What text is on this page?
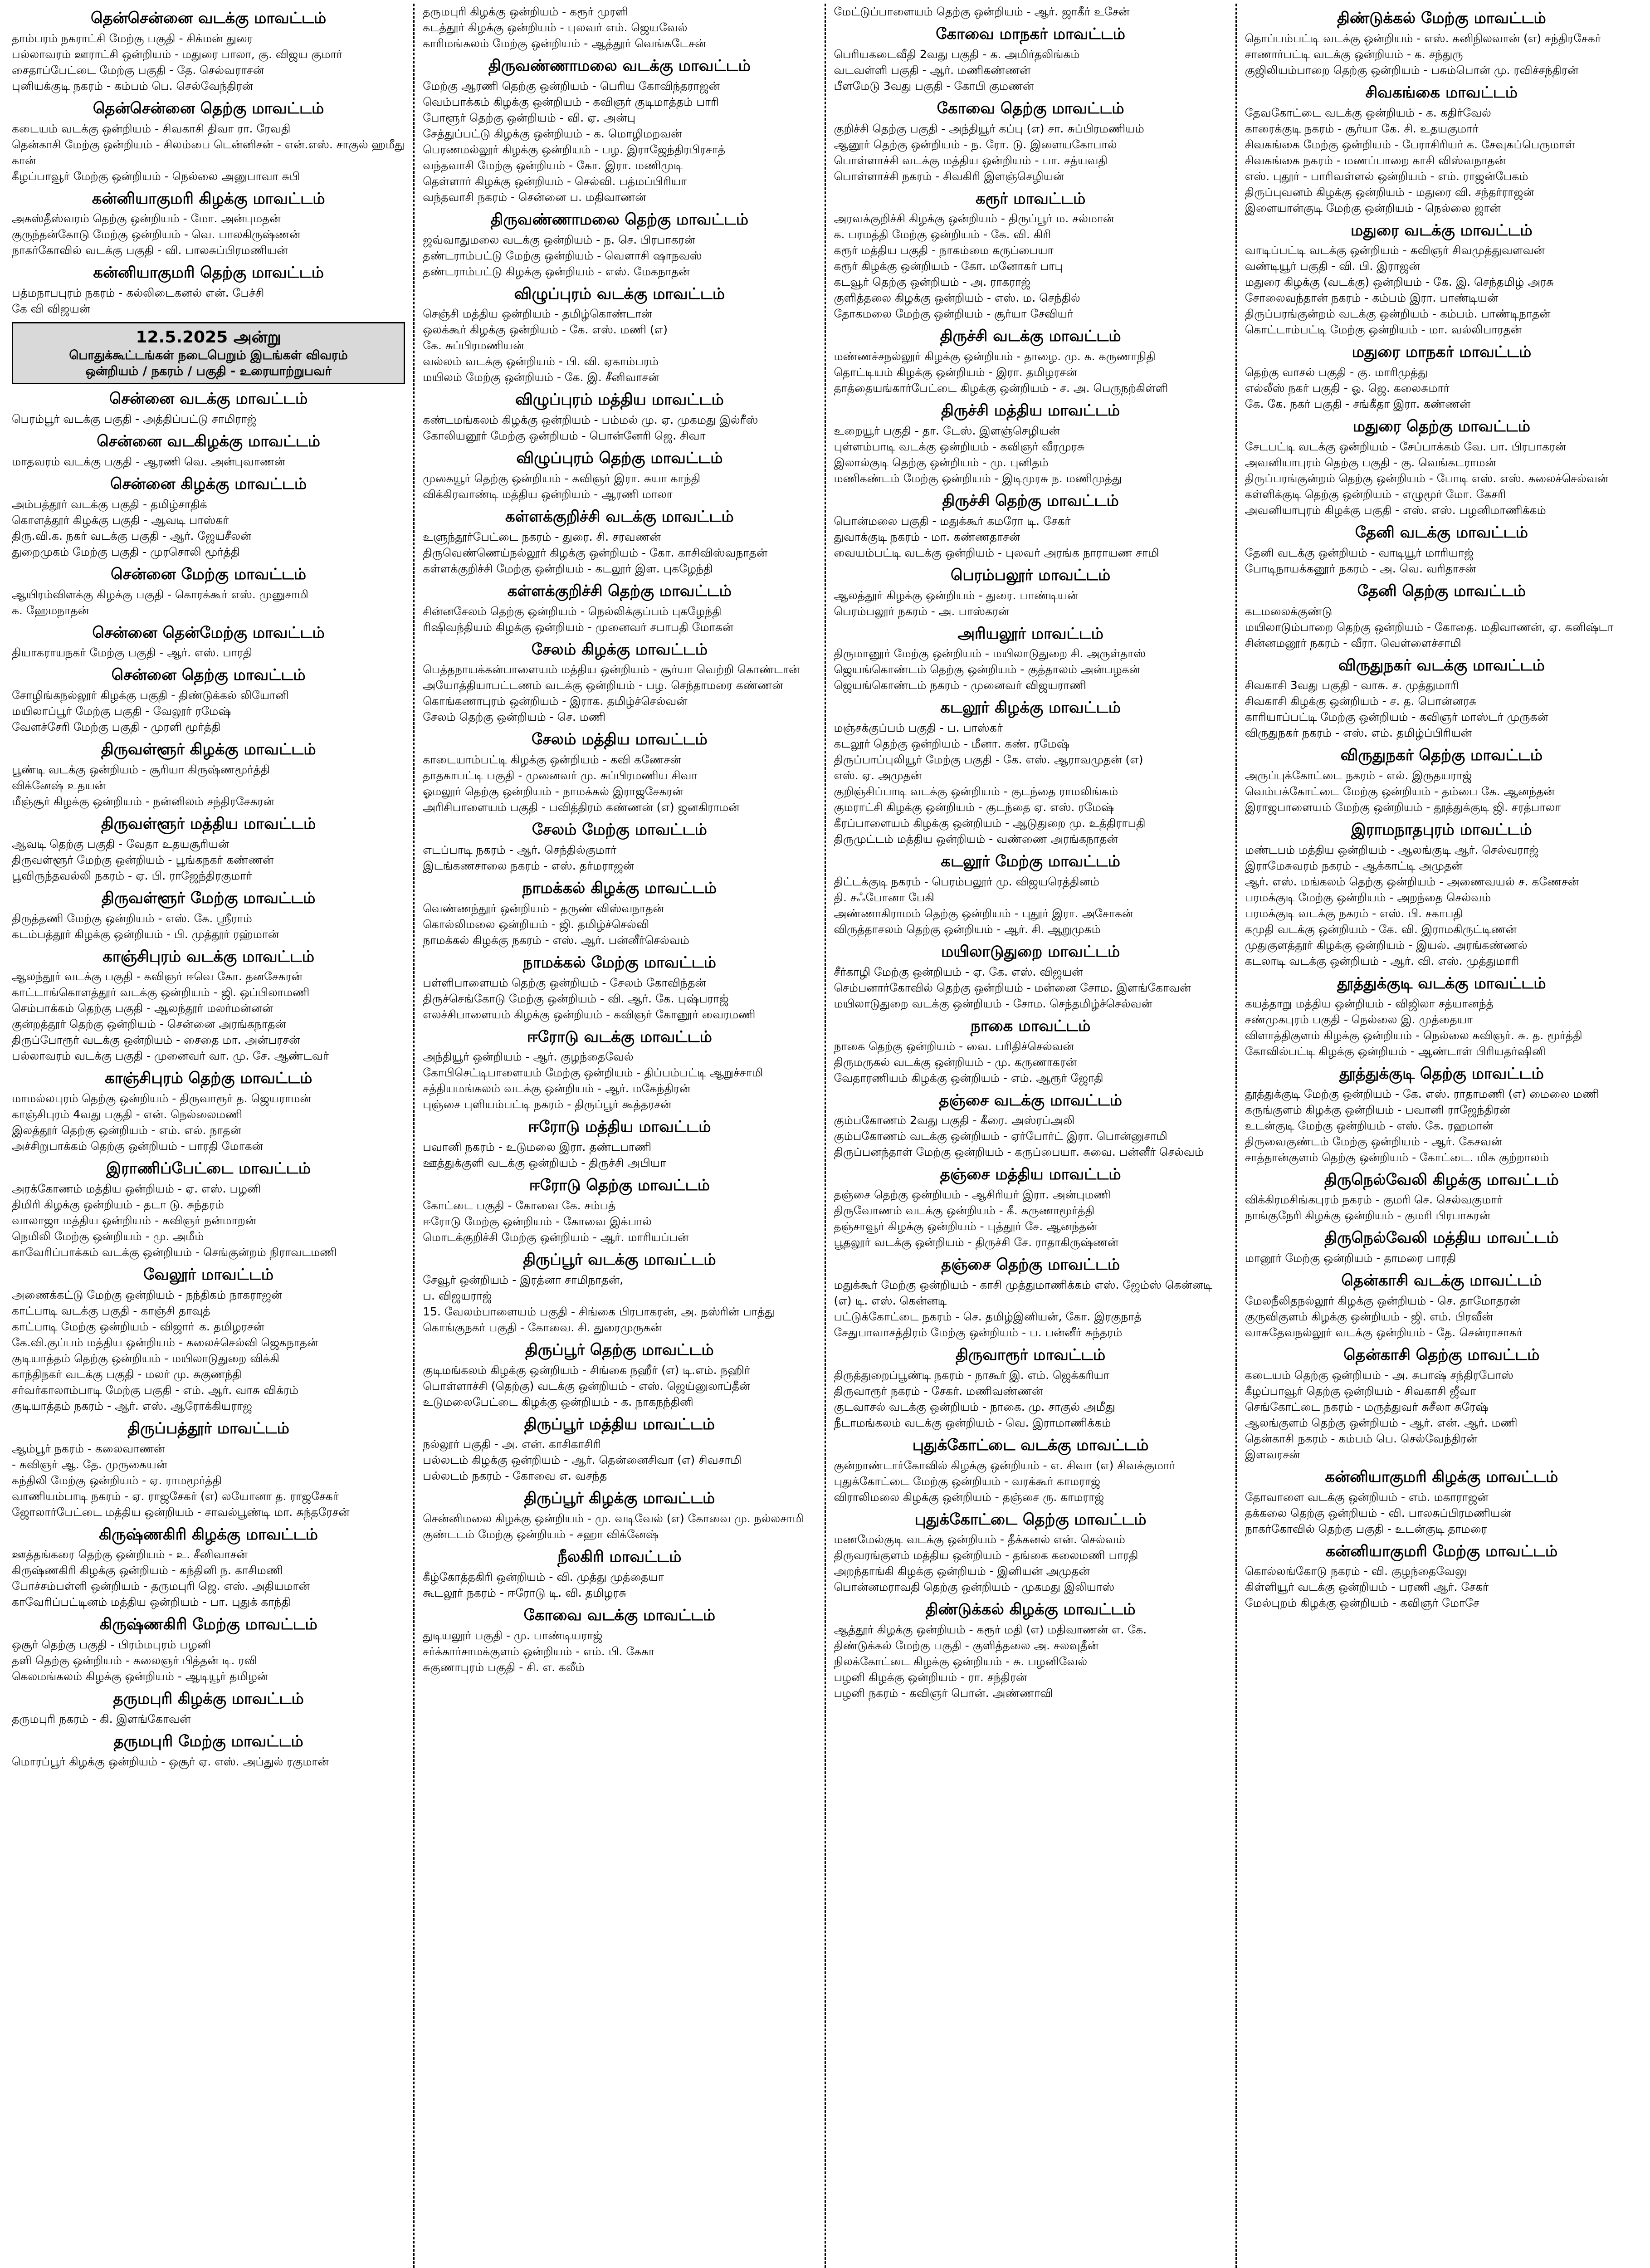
தென்சென்னை வடக்கு மாவட்டம்
தாம்பரம் நகராட்சி மேற்கு பகுதி - சிக்மன் துரை
பல்லாவரம் ஊராட்சி ஒன்றியம் - மதுரை பாலா, கு. விஜய குமார்
சைதாப்பேட்டை மேற்கு பகுதி - தே. செல்வராசன்
புனியக்குடி நகரம் - கம்பம் பெ. செல்வேந்திரன்
தென்சென்னை தெற்கு மாவட்டம்
கடையம் வடக்கு ஒன்றியம் - சிவகாசி திவா ரா. ரேவதி
தென்காசி மேற்கு ஒன்றியம் - சிலம்பை டென்னிசன் - என்.எஸ். சாகுல் ஹமீது கான்
கீழப்பாவூர் மேற்கு ஒன்றியம் - நெல்லை அனுபாவா சுபி
கன்னியாகுமரி கிழக்கு மாவட்டம்
அகஸ்தீஸ்வரம் தெற்கு ஒன்றியம் - மோ. அன்புமதன்
குருந்தன்கோடு மேற்கு ஒன்றியம் - வெ. பாலகிருஷ்ணன்
நாகர்கோவில் வடக்கு பகுதி - வி. பாலசுப்பிரமணியன்
கன்னியாகுமரி தெற்கு மாவட்டம்
பத்மநாபபுரம் நகரம் - கல்லிடைகனல் என். பேச்சி
கே வி விஜயன்
12.5.2025 அன்று
பொதுக்கூட்டங்கள் நடைபெறும் இடங்கள் விவரம்
ஒன்றியம் / நகரம் / பகுதி - உரையாற்றுபவர்
சென்னை வடக்கு மாவட்டம்
பெரம்பூர் வடக்கு பகுதி - அத்திப்பட்டு சாமிராஜ்
சென்னை வடகிழக்கு மாவட்டம்
மாதவரம் வடக்கு பகுதி - ஆரணி வெ. அன்புவாணன்
சென்னை கிழக்கு மாவட்டம்
அம்பத்தூர் வடக்கு பகுதி - தமிழ்சாதிக்
கொளத்தூர் கிழக்கு பகுதி - ஆவடி பாஸ்கர்
திரு.வி.க. நகர் வடக்கு பகுதி - ஆர். ஜேயசீலன்
துறைமுகம் மேற்கு பகுதி - முரசொலி மூர்த்தி
சென்னை மேற்கு மாவட்டம்
ஆயிரம்விளக்கு கிழக்கு பகுதி - கொரக்கூர் எஸ். முனுசாமி
க. ஹேமநாதன்
சென்னை தென்மேற்கு மாவட்டம்
தியாகராயநகர் மேற்கு பகுதி - ஆர். எஸ். பாரதி
சென்னை தெற்கு மாவட்டம்
சோழிங்கநல்லூர் கிழக்கு பகுதி - திண்டுக்கல் லியோனி
மயிலாப்பூர் மேற்கு பகுதி - வேலூர் ரமேஷ்
வேளச்சேரி மேற்கு பகுதி - முரளி மூர்த்தி
திருவள்ளூர் கிழக்கு மாவட்டம்
பூண்டி வடக்கு ஒன்றியம் - சூரியா கிருஷ்ணமூர்த்தி
விக்னேஷ் உதயன்
மீஞ்சூர் கிழக்கு ஒன்றியம் - நன்னிலம் சந்திரசேகரன்
திருவள்ளூர் மத்திய மாவட்டம்
ஆவடி தெற்கு பகுதி - வேதா உதயசூரியன்
திருவள்ளூர் மேற்கு ஒன்றியம் - பூங்கநகர் கண்ணன்
பூவிருந்தவல்லி நகரம் - ஏ. பி. ராஜேந்திரகுமார்
திருவள்ளூர் மேற்கு மாவட்டம்
திருத்தணி மேற்கு ஒன்றியம் - எஸ். கே. ஸ்ரீராம்
கடம்பத்தூர் கிழக்கு ஒன்றியம் - பி. முத்தூர் ரஹ்மான்
காஞ்சிபுரம் வடக்கு மாவட்டம்
ஆலந்தூர் வடக்கு பகுதி - கவிஞர் ஈவெ கோ. தனசேகரன்
காட்டாங்கொளத்தூர் வடக்கு ஒன்றியம் - ஜி. ஒப்பிலாமணி
செம்பாக்கம் தெற்கு பகுதி - ஆலந்தூர் மலர்மன்னன்
குன்றத்தூர் தெற்கு ஒன்றியம் - சென்னை அரங்கநாதன்
திருப்போரூர் வடக்கு ஒன்றியம் - சைதை மா. அன்பரசன்
பல்லாவரம் வடக்கு பகுதி - முனைவர் வா. மு. சே. ஆண்டவர்
காஞ்சிபுரம் தெற்கு மாவட்டம்
மாமல்லபுரம் தெற்கு ஒன்றியம் - திருவாரூர் த. ஜெயராமன்
காஞ்சிபுரம் 4வது பகுதி - என். நெல்லைமணி
இலத்தூர் தெற்கு ஒன்றியம் - எம். எல். நாதன்
அச்சிறுபாக்கம் தெற்கு ஒன்றியம் - பாரதி மோகன்
இராணிப்பேட்டை மாவட்டம்
அரக்கோணம் மத்திய ஒன்றியம் - ஏ. எஸ். பழனி
திமிரி கிழக்கு ஒன்றியம் - தடா டு. சுந்தரம்
வாலாஜா மத்திய ஒன்றியம் - கவிஞர் நன்மாறன்
நெமிலி மேற்கு ஒன்றியம் - மு. அமீம்
காவேரிப்பாக்கம் வடக்கு ஒன்றியம் - செங்குன்றம் நிராவடமணி
வேலூர் மாவட்டம்
அணைக்கட்டு மேற்கு ஒன்றியம் - நந்திகம் நாகராஜன்
காட்பாடி வடக்கு பகுதி - காஞ்சி தாவுத்
காட்பாடி மேற்கு ஒன்றியம் - விஜாா் க. தமிழரசன்
கே.வி.குப்பம் மத்திய ஒன்றியம் - கலைச்செல்வி ஜெகநாதன்
குடியாத்தம் தெற்கு ஒன்றியம் - மயிலாடுதுறை விக்கி
காந்திநகர் வடக்கு பகுதி - மலர் மு. சுகுணந்தி
சர்வர்காலாம்பாடி மேற்கு பகுதி - எம். ஆர். வாசு விக்ரம்
குடியாத்தம் நகரம் - ஆர். எஸ். ஆரோக்கியராஜ
திருப்பத்தூர் மாவட்டம்
ஆம்பூர் நகரம் - கலைவாணன்
- கவிஞர் ஆ. தே. முருகையன்
கந்திலி மேற்கு ஒன்றியம் - ஏ. ராமமூர்த்தி
வாணியம்பாடி நகரம் - ஏ. ராஜசேகர் (எ) லயோனா த. ராஜசேகர்
ஜோலார்பேட்டை மத்திய ஒன்றியம் - சாவல்பூண்டி மா. சுந்தரேசன்
கிருஷ்ணகிரி கிழக்கு மாவட்டம்
ஊத்தங்கரை தெற்கு ஒன்றியம் - உ. சீனிவாசன்
கிருஷ்ணகிரி கிழக்கு ஒன்றியம் - கந்தினி ந. காசிமணி
போச்சம்பள்ளி ஒன்றியம் - தருமபுரி ஜெ. எஸ். அதியமான்
காவேரிப்பட்டினம் மத்திய ஒன்றியம் - பா. புதுக் காந்தி
கிருஷ்ணகிரி மேற்கு மாவட்டம்
ஒசூர் தெற்கு பகுதி - பிரம்மபுரம் பழனி
தளி தெற்கு ஒன்றியம் - கலைஞர் பித்தன் டி. ரவி
கெலமங்கலம் கிழக்கு ஒன்றியம் - ஆடியூர் தமிழன்
தருமபுரி கிழக்கு மாவட்டம்
தருமபுரி நகரம் - கி. இளங்கோவன்
தருமபுரி மேற்கு மாவட்டம்
மொரப்பூர் கிழக்கு ஒன்றியம் - ஒசூர் ஏ. எஸ். அப்துல் ரகுமான்
தருமபுரி கிழக்கு ஒன்றியம் - கரூர் முரளி
கடத்தூர் கிழக்கு ஒன்றியம் - புலவர் எம். ஜெயவேல்
காரிமங்கலம் மேற்கு ஒன்றியம் - ஆத்தூர் வெங்கடேசன்
திருவண்ணாமலை வடக்கு மாவட்டம்
மேற்கு ஆரணி தெற்கு ஒன்றியம் - பெரிய கோவிந்தராஜன்
வெம்பாக்கம் கிழக்கு ஒன்றியம் - கவிஞர் குடிமாத்தம் பாரி
போளூர் தெற்கு ஒன்றியம் - வி. ஏ. அன்பு
சேத்துப்பட்டு கிழக்கு ஒன்றியம் - க. மொழிமறவன்
பெரணமல்லூர் கிழக்கு ஒன்றியம் - பழ. இராஜேந்திரபிரசாத்
வந்தவாசி மேற்கு ஒன்றியம் - கோ. இரா. மணிமுடி
தெள்ளார் கிழக்கு ஒன்றியம் - செல்வி. பத்மப்பிரியா
வந்தவாசி நகரம் - சென்னை ப. மதிவாணன்
திருவண்ணாமலை தெற்கு மாவட்டம்
ஜவ்வாதுமலை வடக்கு ஒன்றியம் - ந. செ. பிரபாகரன்
தண்டராம்பட்டு மேற்கு ஒன்றியம் - வெளாசி ஷாநவஸ்
தண்டராம்பட்டு கிழக்கு ஒன்றியம் - எஸ். மேகநாதன்
விழுப்புரம் வடக்கு மாவட்டம்
செஞ்சி மத்திய ஒன்றியம் - தமிழ்கொண்டான்
ஒலக்கூர் கிழக்கு ஒன்றியம் - கே. எஸ். மணி (எ)
கே. சுப்பிரமணியன்
வல்லம் வடக்கு ஒன்றியம் - பி. வி. ஏகாம்பரம்
மயிலம் மேற்கு ஒன்றியம் - கே. இ. சீனிவாசன்
விழுப்புரம் மத்திய மாவட்டம்
கண்டமங்கலம் கிழக்கு ஒன்றியம் - பம்மல் மு. ஏ. முகமது இல்ரீஸ்
கோலியனூர் மேற்கு ஒன்றியம் - பொன்னேரி ஜெ. சிவா
விழுப்புரம் தெற்கு மாவட்டம்
முகையூர் தெற்கு ஒன்றியம் - கவிஞர் இரா. சுயா காந்தி
விக்கிரவாண்டி மத்திய ஒன்றியம் - ஆரணி மாலா
கள்ளக்குறிச்சி வடக்கு மாவட்டம்
உளுந்தூர்பேட்டை நகரம் - துரை. சி. சரவணன்
திருவெண்ணெய்நல்லூர் கிழக்கு ஒன்றியம் - கோ. காசிவிஸ்வநாதன்
கள்ளக்குறிச்சி மேற்கு ஒன்றியம் - கடலூர் இள. புகழேந்தி
கள்ளக்குறிச்சி தெற்கு மாவட்டம்
சின்னசேலம் தெற்கு ஒன்றியம் - நெல்லிக்குப்பம் புகழேந்தி
ரிஷிவந்தியம் கிழக்கு ஒன்றியம் - முனைவர் சபாபதி மோகன்
சேலம் கிழக்கு மாவட்டம்
பெத்தநாயக்கன்பாளையம் மத்திய ஒன்றியம் - சூர்யா வெற்றி கொண்டான்
அயோத்தியாபட்டணம் வடக்கு ஒன்றியம் - பழ. செந்தாமரை கண்ணன்
கொங்கணாபுரம் ஒன்றியம் - இராக. தமிழ்ச்செல்வன்
சேலம் தெற்கு ஒன்றியம் - செ. மணி
சேலம் மத்திய மாவட்டம்
காடையாம்பட்டி கிழக்கு ஒன்றியம் - கவி கணேசன்
தாதகாபட்டி பகுதி - முனைவர் மு. சுப்பிரமணிய சிவா
ஓமலூர் தெற்கு ஒன்றியம் - நாமக்கல் இராஜசேகரன்
அரிசிபாளையம் பகுதி - பவித்திரம் கண்ணன் (எ) ஜனகிராமன்
சேலம் மேற்கு மாவட்டம்
எடப்பாடி நகரம் - ஆர். செந்தில்குமார்
இடங்கணசாலை நகரம் - எஸ். தர்மராஜன்
நாமக்கல் கிழக்கு மாவட்டம்
வெண்ணந்தூர் ஒன்றியம் - தருண் விஸ்வநாதன்
கொல்லிமலை ஒன்றியம் - ஜி. தமிழ்ச்செல்வி
நாமக்கல் கிழக்கு நகரம் - எஸ். ஆர். பன்னீர்செல்வம்
நாமக்கல் மேற்கு மாவட்டம்
பள்ளிபாளையம் தெற்கு ஒன்றியம் - சேலம் கோவிந்தன்
திருச்செங்கோடு மேற்கு ஒன்றியம் - வி. ஆர். கே. புஷ்பராஜ்
எலச்சிபாளையம் கிழக்கு ஒன்றியம் - கவிஞர் கோனூர் வைரமணி
ஈரோடு வடக்கு மாவட்டம்
அந்தியூர் ஒன்றியம் - ஆர். குழந்தைவேல்
கோபிசெட்டிபாளையம் மேற்கு ஒன்றியம் - திப்பம்பட்டி ஆறுச்சாமி
சத்தியமங்கலம் வடக்கு ஒன்றியம் - ஆர். மகேந்திரன்
புஞ்சை புளியம்பட்டி நகரம் - திருப்பூர் கூத்தரசன்
ஈரோடு மத்திய மாவட்டம்
பவானி நகரம் - உடுமலை இரா. தண்டபாணி
ஊத்துக்குளி வடக்கு ஒன்றியம் - திருச்சி அபியா
ஈரோடு தெற்கு மாவட்டம்
கோட்டை பகுதி - கோவை கே. சம்பத்
ஈரோடு மேற்கு ஒன்றியம் - கோவை இக்பால்
மொடக்குறிச்சி மேற்கு ஒன்றியம் - ஆர். மாரியப்பன்
திருப்பூர் வடக்கு மாவட்டம்
சேவூர் ஒன்றியம் - இரத்னா சாமிநாதன்,
ப. விஜயராஜ்
15. வேலம்பாளையம் பகுதி - சிங்கை பிரபாகரன், அ. நஸ்ரின் பாத்து
கொங்குநகர் பகுதி - கோவை. சி. துரைமுருகன்
திருப்பூர் தெற்கு மாவட்டம்
குடிமங்கலம் கிழக்கு ஒன்றியம் - சிங்கை நஹீர் (எ) டி.எம். நஹிர்
பொள்ளாச்சி (தெற்கு) வடக்கு ஒன்றியம் - எஸ். ஜெய்னுலாப்தீன்
உடுமலைபேட்டை கிழக்கு ஒன்றியம் - க. நாகநந்தினி
திருப்பூர் மத்திய மாவட்டம்
நல்லூர் பகுதி - அ. என். காசிகாசிரி
பல்லடம் கிழக்கு ஒன்றியம் - ஆர். தென்னைசிவா (எ) சிவசாமி
பல்லடம் நகரம் - கோவை எ. வசந்த
திருப்பூர் கிழக்கு மாவட்டம்
சென்னிமலை கிழக்கு ஒன்றியம் - மு. வடிவேல் (எ) கோவை மு. நல்லசாமி
குண்டடம் மேற்கு ஒன்றியம் - சஹா விக்னேஷ்
நீலகிரி மாவட்டம்
கீழ்கோத்தகிரி ஒன்றியம் - வி. முத்து முத்தையா
கூடலூர் நகரம் - ஈரோடு டி. வி. தமிழரசு
கோவை வடக்கு மாவட்டம்
துடியலூர் பகுதி - மு. பாண்டியராஜ்
சர்க்கார்சாமக்குளம் ஒன்றியம் - எம். பி. கேகா
சுகுணாபுரம் பகுதி - சி. எ. கலீம்
மேட்டுப்பாளையம் தெற்கு ஒன்றியம் - ஆர். ஜாகீர் உசேன்
கோவை மாநகர் மாவட்டம்
பெரியகடைவீதி 2வது பகுதி - க. அமிர்தலிங்கம்
வடவள்ளி பகுதி - ஆர். மணிகண்ணன்
பீளமேடு 3வது பகுதி - கோபி குமணன்
கோவை தெற்கு மாவட்டம்
குறிச்சி தெற்கு பகுதி - அந்தியூர் கப்பு (எ) சா. சுப்பிரமணியம்
ஆனூர் தெற்கு ஒன்றியம் - ந. ரோ. டு. இளையகோபால்
பொள்ளாச்சி வடக்கு மத்திய ஒன்றியம் - பா. சத்யவதி
பொள்ளாச்சி நகரம் - சிவகிரி இளஞ்செழியன்
கரூர் மாவட்டம்
அரவக்குறிச்சி கிழக்கு ஒன்றியம் - திருப்பூர் ம. சல்மான்
க. பரமத்தி மேற்கு ஒன்றியம் - கே. வி. கிரி
கரூர் மத்திய பகுதி - நாகம்மை கருப்பையா
கரூர் கிழக்கு ஒன்றியம் - கோ. மனோகர் பாபு
கடவூர் தெற்கு ஒன்றியம் - அ. ராகராஜ்
குளித்தலை கிழக்கு ஒன்றியம் - எஸ். ம. செந்தில்
தோகமலை மேற்கு ஒன்றியம் - சூர்யா சேவியர்
திருச்சி வடக்கு மாவட்டம்
மண்ணச்சநல்லூர் கிழக்கு ஒன்றியம் - தாழை. மு. க. கருணாநிதி
தொட்டியம் கிழக்கு ஒன்றியம் - இரா. தமிழரசன்
தாத்தையங்கார்பேட்டை கிழக்கு ஒன்றியம் - ச. அ. பெருநற்கிள்ளி
திருச்சி மத்திய மாவட்டம்
உறையூர் பகுதி - தா. டேஸ். இளஞ்செழியன்
புள்ளம்பாடி வடக்கு ஒன்றியம் - கவிஞர் வீரமுரசு
இலால்குடி தெற்கு ஒன்றியம் - மு. புனிதம்
மணிகண்டம் மேற்கு ஒன்றியம் - இடிமுரசு ந. மணிமுத்து
திருச்சி தெற்கு மாவட்டம்
பொன்மலை பகுதி - மதுக்கூர் கமரோ டி. சேகர்
துவாக்குடி நகரம் - மா. கண்ணதாசன்
வையம்பட்டி வடக்கு ஒன்றியம் - புலவர் அரங்க நாராயண சாமி
பெரம்பலூர் மாவட்டம்
ஆலத்தூர் கிழக்கு ஒன்றியம் - துரை. பாண்டியன்
பெரம்பலூர் நகரம் - அ. பாஸ்கரன்
அரியலூர் மாவட்டம்
திருமானூர் மேற்கு ஒன்றியம் - மயிலாடுதுறை சி. அருள்தாஸ்
ஜெயங்கொண்டம் தெற்கு ஒன்றியம் - குத்தாலம் அன்பழகன்
ஜெயங்கொண்டம் நகரம் - முனைவர் விஜயராணி
கடலூர் கிழக்கு மாவட்டம்
மஞ்சக்குப்பம் பகுதி - ப. பாஸ்கர்
கடலூர் தெற்கு ஒன்றியம் - மீனா. கண். ரமேஷ்
திருப்பாப்புலியூர் மேற்கு பகுதி - கே. எஸ். ஆராவமுதன் (எ)
எஸ். ஏ. அமுதன்
குறிஞ்சிப்பாடி வடக்கு ஒன்றியம் - குடந்தை ராமலிங்கம்
குமராட்சி கிழக்கு ஒன்றியம் - குடந்தை ஏ. எஸ். ரமேஷ்
கீரப்பாளையம் கிழக்கு ஒன்றியம் - ஆடுதுறை மு. உத்திராபதி
திருமுட்டம் மத்திய ஒன்றியம் - வண்ணை அரங்கநாதன்
கடலூர் மேற்கு மாவட்டம்
திட்டக்குடி நகரம் - பெரம்பலூர் மு. விஜயரெத்தினம்
தி. சஃபோனா பேகி
அண்ணாகிராமம் தெற்கு ஒன்றியம் - புதூர் இரா. அசோகன்
விருத்தாசலம் தெற்கு ஒன்றியம் - ஆர். சி. ஆறுமுகம்
மயிலாடுதுறை மாவட்டம்
சீர்காழி மேற்கு ஒன்றியம் - ஏ. கே. எஸ். விஜயன்
செம்பனார்கோவில் தெற்கு ஒன்றியம் - மன்னை சோம. இளங்கோவன்
மயிலாடுதுறை வடக்கு ஒன்றியம் - சோம. செந்தமிழ்ச்செல்வன்
நாகை மாவட்டம்
நாகை தெற்கு ஒன்றியம் - வை. பரிதிச்செல்வன்
திருமருகல் வடக்கு ஒன்றியம் - மு. கருணாகரன்
வேதாரணியம் கிழக்கு ஒன்றியம் - எம். ஆரூர் ஜோதி
தஞ்சை வடக்கு மாவட்டம்
கும்பகோணம் 2வது பகுதி - கீரை. அஸ்ரப்அலி
கும்பகோணம் வடக்கு ஒன்றியம் - ஏர்போர்ட் இரா. பொன்னுசாமி
திருப்பனந்தாள் மேற்கு ஒன்றியம் - கருப்பையா. சுவை. பன்னீர் செல்வம்
தஞ்சை மத்திய மாவட்டம்
தஞ்சை தெற்கு ஒன்றியம் - ஆசிரியர் இரா. அன்புமணி
திருவோணம் வடக்கு ஒன்றியம் - கீ. கருணாமூர்த்தி
தஞ்சாவூர் கிழக்கு ஒன்றியம் - புத்தூர் சே. ஆனந்தன்
பூதலூர் வடக்கு ஒன்றியம் - திருச்சி சே. ராதாகிருஷ்ணன்
தஞ்சை தெற்கு மாவட்டம்
மதுக்கூர் மேற்கு ஒன்றியம் - காசி முத்துமாணிக்கம் எஸ். ஜேம்ஸ் கென்னடி (எ) டி. எஸ். கென்னடி
பட்டுக்கோட்டை நகரம் - செ. தமிழ்இனியன், கோ. இரகுநாத் சேதுபாவாசத்திரம் மேற்கு ஒன்றியம் - ப. பன்னீர் சுந்தரம்
திருவாரூர் மாவட்டம்
திருத்துறைப்பூண்டி நகரம் - நாகூர் இ. எம். ஜெக்கரியா
திருவாரூர் நகரம் - சேகர். மணிவண்ணன்
குடவாசல் வடக்கு ஒன்றியம் - நாகை. மு. சாகுல் அமீது
நீடாமங்கலம் வடக்கு ஒன்றியம் - வெ. இராமாணிக்கம்
புதுக்கோட்டை வடக்கு மாவட்டம்
குன்றாண்டார்கோவில் கிழக்கு ஒன்றியம் - எ. சிவா (எ) சிவக்குமார்
புதுக்கோட்டை மேற்கு ஒன்றியம் - வரக்கூர் காமராஜ்
விராலிமலை கிழக்கு ஒன்றியம் - தஞ்சை ரு. காமராஜ்
புதுக்கோட்டை தெற்கு மாவட்டம்
மணமேல்குடி வடக்கு ஒன்றியம் - தீக்கனல் என். செல்வம்
திருவரங்குளம் மத்திய ஒன்றியம் - தங்கை கலைமணி பாரதி
அறந்தாங்கி கிழக்கு ஒன்றியம் - இனியன் அமுதன்
பொன்னமராவதி தெற்கு ஒன்றியம் - முகமது இலியாஸ்
திண்டுக்கல் கிழக்கு மாவட்டம்
ஆத்தூர் கிழக்கு ஒன்றியம் - கரூர் மதி (எ) மதிவாணன் எ. கே.
திண்டுக்கல் மேற்கு பகுதி - குளித்தலை அ. சலவுதீன்
நிலக்கோட்டை கிழக்கு ஒன்றியம் - சு. பழனிவேல்
பழனி கிழக்கு ஒன்றியம் - ரா. சந்திரன்
பழனி நகரம் - கவிஞர் பொன். அண்ணாவி
திண்டுக்கல் மேற்கு மாவட்டம்
தொப்பம்பட்டி வடக்கு ஒன்றியம் - எஸ். கனிநிலவான் (எ) சந்திரசேகர்
சாணார்பட்டி வடக்கு ஒன்றியம் - க. சந்துரு
குஜிலியம்பாறை தெற்கு ஒன்றியம் - பசும்பொன் மு. ரவிச்சந்திரன்
சிவகங்கை மாவட்டம்
தேவகோட்டை வடக்கு ஒன்றியம் - க. கதிர்வேல்
காரைக்குடி நகரம் - சூர்யா கே. சி. உதயகுமார்
சிவகங்கை மேற்கு ஒன்றியம் - பேராசிரியர் க. சேவுகப்பெருமாள்
சிவகங்கை நகரம் - மணப்பாறை காசி விஸ்வநாதன்
எஸ். புதூர் - பாரிவள்ளல் ஒன்றியம் - எம். ராஜன்பேகம்
திருப்புவனம் கிழக்கு ஒன்றியம் - மதுரை வி. சந்தர்ராஜன்
இளையான்குடி மேற்கு ஒன்றியம் - நெல்லை ஜான்
மதுரை வடக்கு மாவட்டம்
வாடிப்பட்டி வடக்கு ஒன்றியம் - கவிஞர் சிவமுத்துவளவன்
வண்டியூர் பகுதி - வி. பி. இராஜன்
மதுரை கிழக்கு (வடக்கு) ஒன்றியம் - கே. இ. செந்தமிழ் அரசு
சோலைவந்தான் நகரம் - கம்பம் இரா. பாண்டியன்
திருப்பரங்குன்றம் வடக்கு ஒன்றியம் - கம்பம். பாண்டிநாதன்
கொட்டாம்பட்டி மேற்கு ஒன்றியம் - மா. வல்லிபாரதன்
மதுரை மாநகர் மாவட்டம்
தெற்கு வாசல் பகுதி - கு. மாரிமுத்து
எல்லீஸ் நகர் பகுதி - ஓ. ஜெ. கலைசுமார்
கே. கே. நகர் பகுதி - சங்கீதா இரா. கண்ணன்
மதுரை தெற்கு மாவட்டம்
சேடபட்டி வடக்கு ஒன்றியம் - சேப்பாக்கம் வே. பா. பிரபாகரன்
அவனியாபுரம் தெற்கு பகுதி - கு. வெங்கடராமன்
திருப்பரங்குன்றம் தெற்கு ஒன்றியம் - போடி எஸ். எஸ். கலைச்செல்வன்
கள்ளிக்குடி தெற்கு ஒன்றியம் - எழுமூர் மோ. கேசரி
அவனியாபுரம் கிழக்கு பகுதி - எஸ். எஸ். பழனிமாணிக்கம்
தேனி வடக்கு மாவட்டம்
தேனி வடக்கு ஒன்றியம் - வாடியூர் மாரியாஜ்
போடிநாயக்கனூர் நகரம் - அ. வெ. வரிதாசன்
தேனி தெற்கு மாவட்டம்
கடமலைக்குண்டு
மயிலாடும்பாறை தெற்கு ஒன்றியம் - கோதை. மதிவாணன், ஏ. கனிஷ்டா
சின்னமனூர் நகரம் - வீரா. வெள்ளைச்சாமி
விருதுநகர் வடக்கு மாவட்டம்
சிவகாசி 3வது பகுதி - வாசு. ச. முத்துமாரி
சிவகாசி கிழக்கு ஒன்றியம் - ச. த. பொன்னரசு
காரியாப்பட்டி மேற்கு ஒன்றியம் - கவிஞர் மாஸ்டர் முருகன்
விருதுநகர் நகரம் - எஸ். எம். தமிழ்ப்பிரியன்
விருதுநகர் தெற்கு மாவட்டம்
அருப்புக்கோட்டை நகரம் - எல். இருதயராஜ்
வெம்பக்கோட்டை மேற்கு ஒன்றியம் - தம்பை கே. ஆனந்தன்
இராஜபாளையம் மேற்கு ஒன்றியம் - தூத்துக்குடி ஜி. சரத்பாலா
இராமநாதபுரம் மாவட்டம்
மண்டபம் மத்திய ஒன்றியம் - ஆலங்குடி ஆர். செல்வராஜ்
இராமேசுவரம் நகரம் - ஆக்காட்டி அமுதன்
ஆர். எஸ். மங்கலம் தெற்கு ஒன்றியம் - அணைவயல் ச. கணேசன்
பரமக்குடி மேற்கு ஒன்றியம் - அறந்தை செல்வம்
பரமக்குடி வடக்கு நகரம் - எஸ். பி. சகாபதி
கமுதி வடக்கு ஒன்றியம் - கே. வி. இராமகிருட்டிணன்
முதுகுளத்தூர் கிழக்கு ஒன்றியம் - இயல். அரங்கண்ணல்
கடலாடி வடக்கு ஒன்றியம் - ஆர். வி. எஸ். முத்துமாரி
தூத்துக்குடி வடக்கு மாவட்டம்
கயத்தாறு மத்திய ஒன்றியம் - விஜிலா சத்யானந்த்
சண்முகபுரம் பகுதி - நெல்லை இ. முத்தையா
விளாத்திகுளம் கிழக்கு ஒன்றியம் - நெல்லை கவிஞர். சு. த. மூர்த்தி
கோவில்பட்டி கிழக்கு ஒன்றியம் - ஆண்டாள் பிரியதர்ஷினி
தூத்துக்குடி தெற்கு மாவட்டம்
தூத்துக்குடி மேற்கு ஒன்றியம் - கே. எஸ். ராதாமணி (எ) மைலை மணி
கருங்குளம் கிழக்கு ஒன்றியம் - பவானி ராஜேந்திரன்
உடன்குடி மேற்கு ஒன்றியம் - எஸ். கே. ரஹமான்
திருவைகுண்டம் மேற்கு ஒன்றியம் - ஆர். கேசவன்
சாத்தான்குளம் தெற்கு ஒன்றியம் - கோட்டை. மிக குற்றாலம்
திருநெல்வேலி கிழக்கு மாவட்டம்
விக்கிரமசிங்கபுரம் நகரம் - குமரி செ. செல்வகுமார்
நாங்குநேரி கிழக்கு ஒன்றியம் - குமரி பிரபாகரன்
திருநெல்வேலி மத்திய மாவட்டம்
மானூர் மேற்கு ஒன்றியம் - தாமரை பாரதி
தென்காசி வடக்கு மாவட்டம்
மேலநீலிதநல்லூர் கிழக்கு ஒன்றியம் - செ. தாமோதரன்
குருவிகுளம் கிழக்கு ஒன்றியம் - ஜி. எம். பிரவீன்
வாசுதேவநல்லூர் வடக்கு ஒன்றியம் - தே. சென்ராசாகர்
தென்காசி தெற்கு மாவட்டம்
கடையம் தெற்கு ஒன்றியம் - அ. சுபாஷ் சந்திரபோஸ்
கீழப்பாவூர் தெற்கு ஒன்றியம் - சிவகாசி ஜீவா
செங்கோட்டை நகரம் - மருத்துவர் சுசீலா சுரேஷ்
ஆலங்குளம் தெற்கு ஒன்றியம் - ஆர். என். ஆர். மணி
தென்காசி நகரம் - கம்பம் பெ. செல்வேந்திரன்
இளவரசன்
கன்னியாகுமரி கிழக்கு மாவட்டம்
தோவாளை வடக்கு ஒன்றியம் - எம். மகாராஜன்
தக்கலை தெற்கு ஒன்றியம் - வி. பாலசுப்பிரமணியன்
நாகர்கோவில் தெற்கு பகுதி - உடன்குடி தாமரை
கன்னியாகுமரி மேற்கு மாவட்டம்
கொல்லங்கோடு நகரம் - வி. குழந்தைவேலு
கிள்ளியூர் வடக்கு ஒன்றியம் - பரணி ஆர். சேகர்
மேல்புறம் கிழக்கு ஒன்றியம் - கவிஞர் மோசே
